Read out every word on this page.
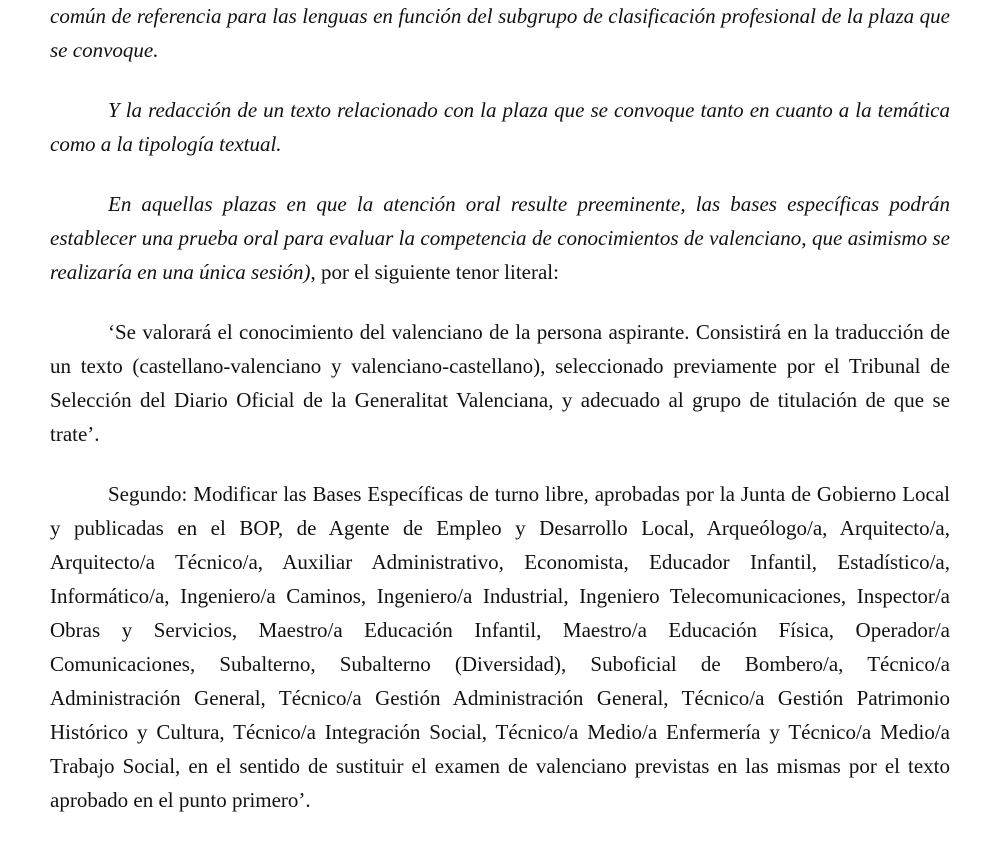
común de referencia para las lenguas en función del subgrupo de clasificación profesional de la plaza que se convoque.

Y la redacción de un texto relacionado con la plaza que se convoque tanto en cuanto a la temática como a la tipología textual.

En aquellas plazas en que la atención oral resulte preeminente, las bases específicas podrán establecer una prueba oral para evaluar la competencia de conocimientos de valenciano, que asimismo se realizaría en una única sesión), por el siguiente tenor literal:

‘Se valorará el conocimiento del valenciano de la persona aspirante. Consistirá en la traducción de un texto (castellano-valenciano y valenciano-castellano), seleccionado previamente por el Tribunal de Selección del Diario Oficial de la Generalitat Valenciana, y adecuado al grupo de titulación de que se trate’.

Segundo: Modificar las Bases Específicas de turno libre, aprobadas por la Junta de Gobierno Local y publicadas en el BOP, de Agente de Empleo y Desarrollo Local, Arqueólogo/a, Arquitecto/a, Arquitecto/a Técnico/a, Auxiliar Administrativo, Economista, Educador Infantil, Estadístico/a, Informático/a, Ingeniero/a Caminos, Ingeniero/a Industrial, Ingeniero Telecomunicaciones, Inspector/a Obras y Servicios, Maestro/a Educación Infantil, Maestro/a Educación Física, Operador/a Comunicaciones, Subalterno, Subalterno (Diversidad), Suboficial de Bombero/a, Técnico/a Administración General, Técnico/a Gestión Administración General, Técnico/a Gestión Patrimonio Histórico y Cultura, Técnico/a Integración Social, Técnico/a Medio/a Enfermería y Técnico/a Medio/a Trabajo Social, en el sentido de sustituir el examen de valenciano previstas en las mismas por el texto aprobado en el punto primero’.
